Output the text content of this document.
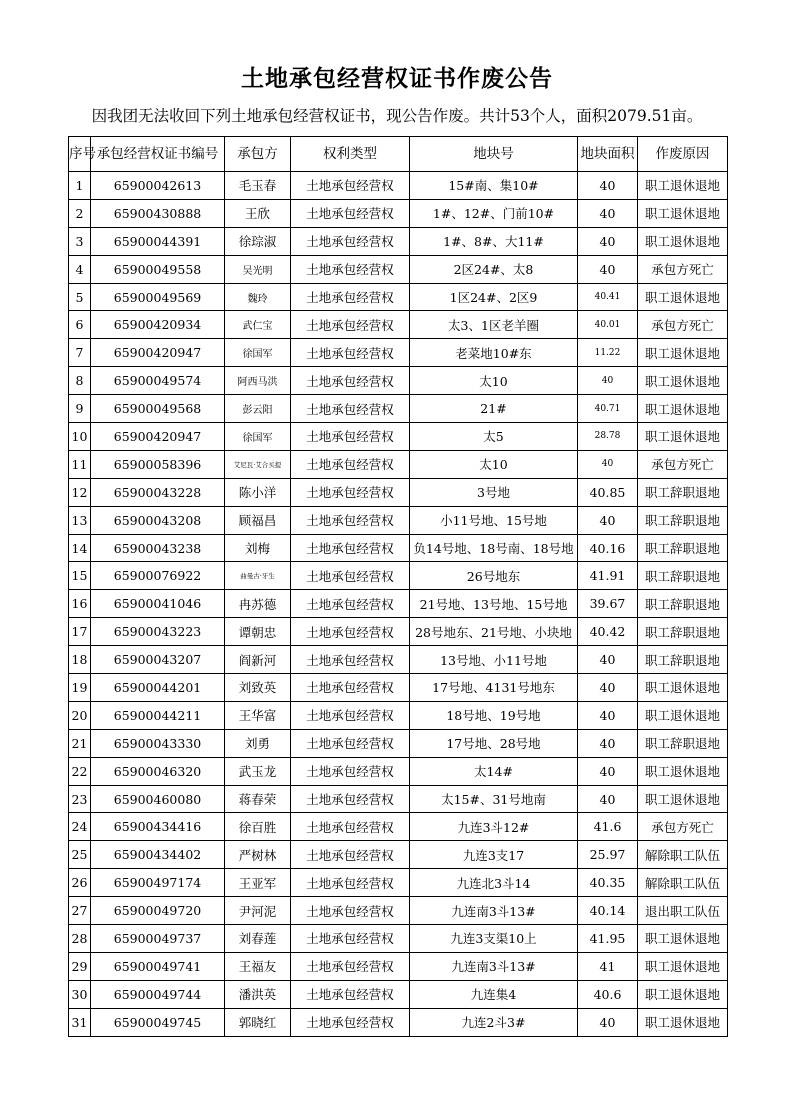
土地承包经营权证书作废公告
因我团无法收回下列土地承包经营权证书，现公告作废。共计53个人，面积2079.51亩。
序号	承包经营权证书编号	承包方	权利类型	地块号	地块面积	作废原因
1	65900042613	毛玉春	土地承包经营权	15#南、集10#	40	职工退休退地
2	65900430888	王欣	土地承包经营权	1#、12#、门前10#	40	职工退休退地
3	65900044391	徐琮淑	土地承包经营权	1#、8#、大11#	40	职工退休退地
4	65900049558	吴光明	土地承包经营权	2区24#、太8	40	承包方死亡
5	65900049569	魏玲	土地承包经营权	1区24#、2区9	40.41	职工退休退地
6	65900420934	武仁宝	土地承包经营权	太3、1区老羊圈	40.01	承包方死亡
7	65900420947	徐国军	土地承包经营权	老菜地10#东	11.22	职工退休退地
8	65900049574	阿西马洪	土地承包经营权	太10	40	职工退休退地
9	65900049568	彭云阳	土地承包经营权	21#	40.71	职工退休退地
10	65900420947	徐国军	土地承包经营权	太5	28.78	职工退休退地
11	65900058396	艾尼瓦·艾合买提	土地承包经营权	太10	40	承包方死亡
12	65900043228	陈小洋	土地承包经营权	3号地	40.85	职工辞职退地
13	65900043208	顾福昌	土地承包经营权	小11号地、15号地	40	职工辞职退地
14	65900043238	刘梅	土地承包经营权	负14号地、18号南、18号地	40.16	职工辞职退地
15	65900076922	曲曼古·牙生	土地承包经营权	26号地东	41.91	职工辞职退地
16	65900041046	冉苏德	土地承包经营权	21号地、13号地、15号地	39.67	职工辞职退地
17	65900043223	谭朝忠	土地承包经营权	28号地东、21号地、小块地	40.42	职工辞职退地
18	65900043207	阎新河	土地承包经营权	13号地、小11号地	40	职工辞职退地
19	65900044201	刘致英	土地承包经营权	17号地、4131号地东	40	职工退休退地
20	65900044211	王华富	土地承包经营权	18号地、19号地	40	职工退休退地
21	65900043330	刘勇	土地承包经营权	17号地、28号地	40	职工辞职退地
22	65900046320	武玉龙	土地承包经营权	太14#	40	职工退休退地
23	65900460080	蒋春荣	土地承包经营权	太15#、31号地南	40	职工退休退地
24	65900434416	徐百胜	土地承包经营权	九连3斗12#	41.6	承包方死亡
25	65900434402	严树林	土地承包经营权	九连3支17	25.97	解除职工队伍
26	65900497174	王亚军	土地承包经营权	九连北3斗14	40.35	解除职工队伍
27	65900049720	尹河泥	土地承包经营权	九连南3斗13#	40.14	退出职工队伍
28	65900049737	刘春莲	土地承包经营权	九连3支渠10上	41.95	职工退休退地
29	65900049741	王福友	土地承包经营权	九连南3斗13#	41	职工退休退地
30	65900049744	潘洪英	土地承包经营权	九连集4	40.6	职工退休退地
31	65900049745	郭晓红	土地承包经营权	九连2斗3#	40	职工退休退地
